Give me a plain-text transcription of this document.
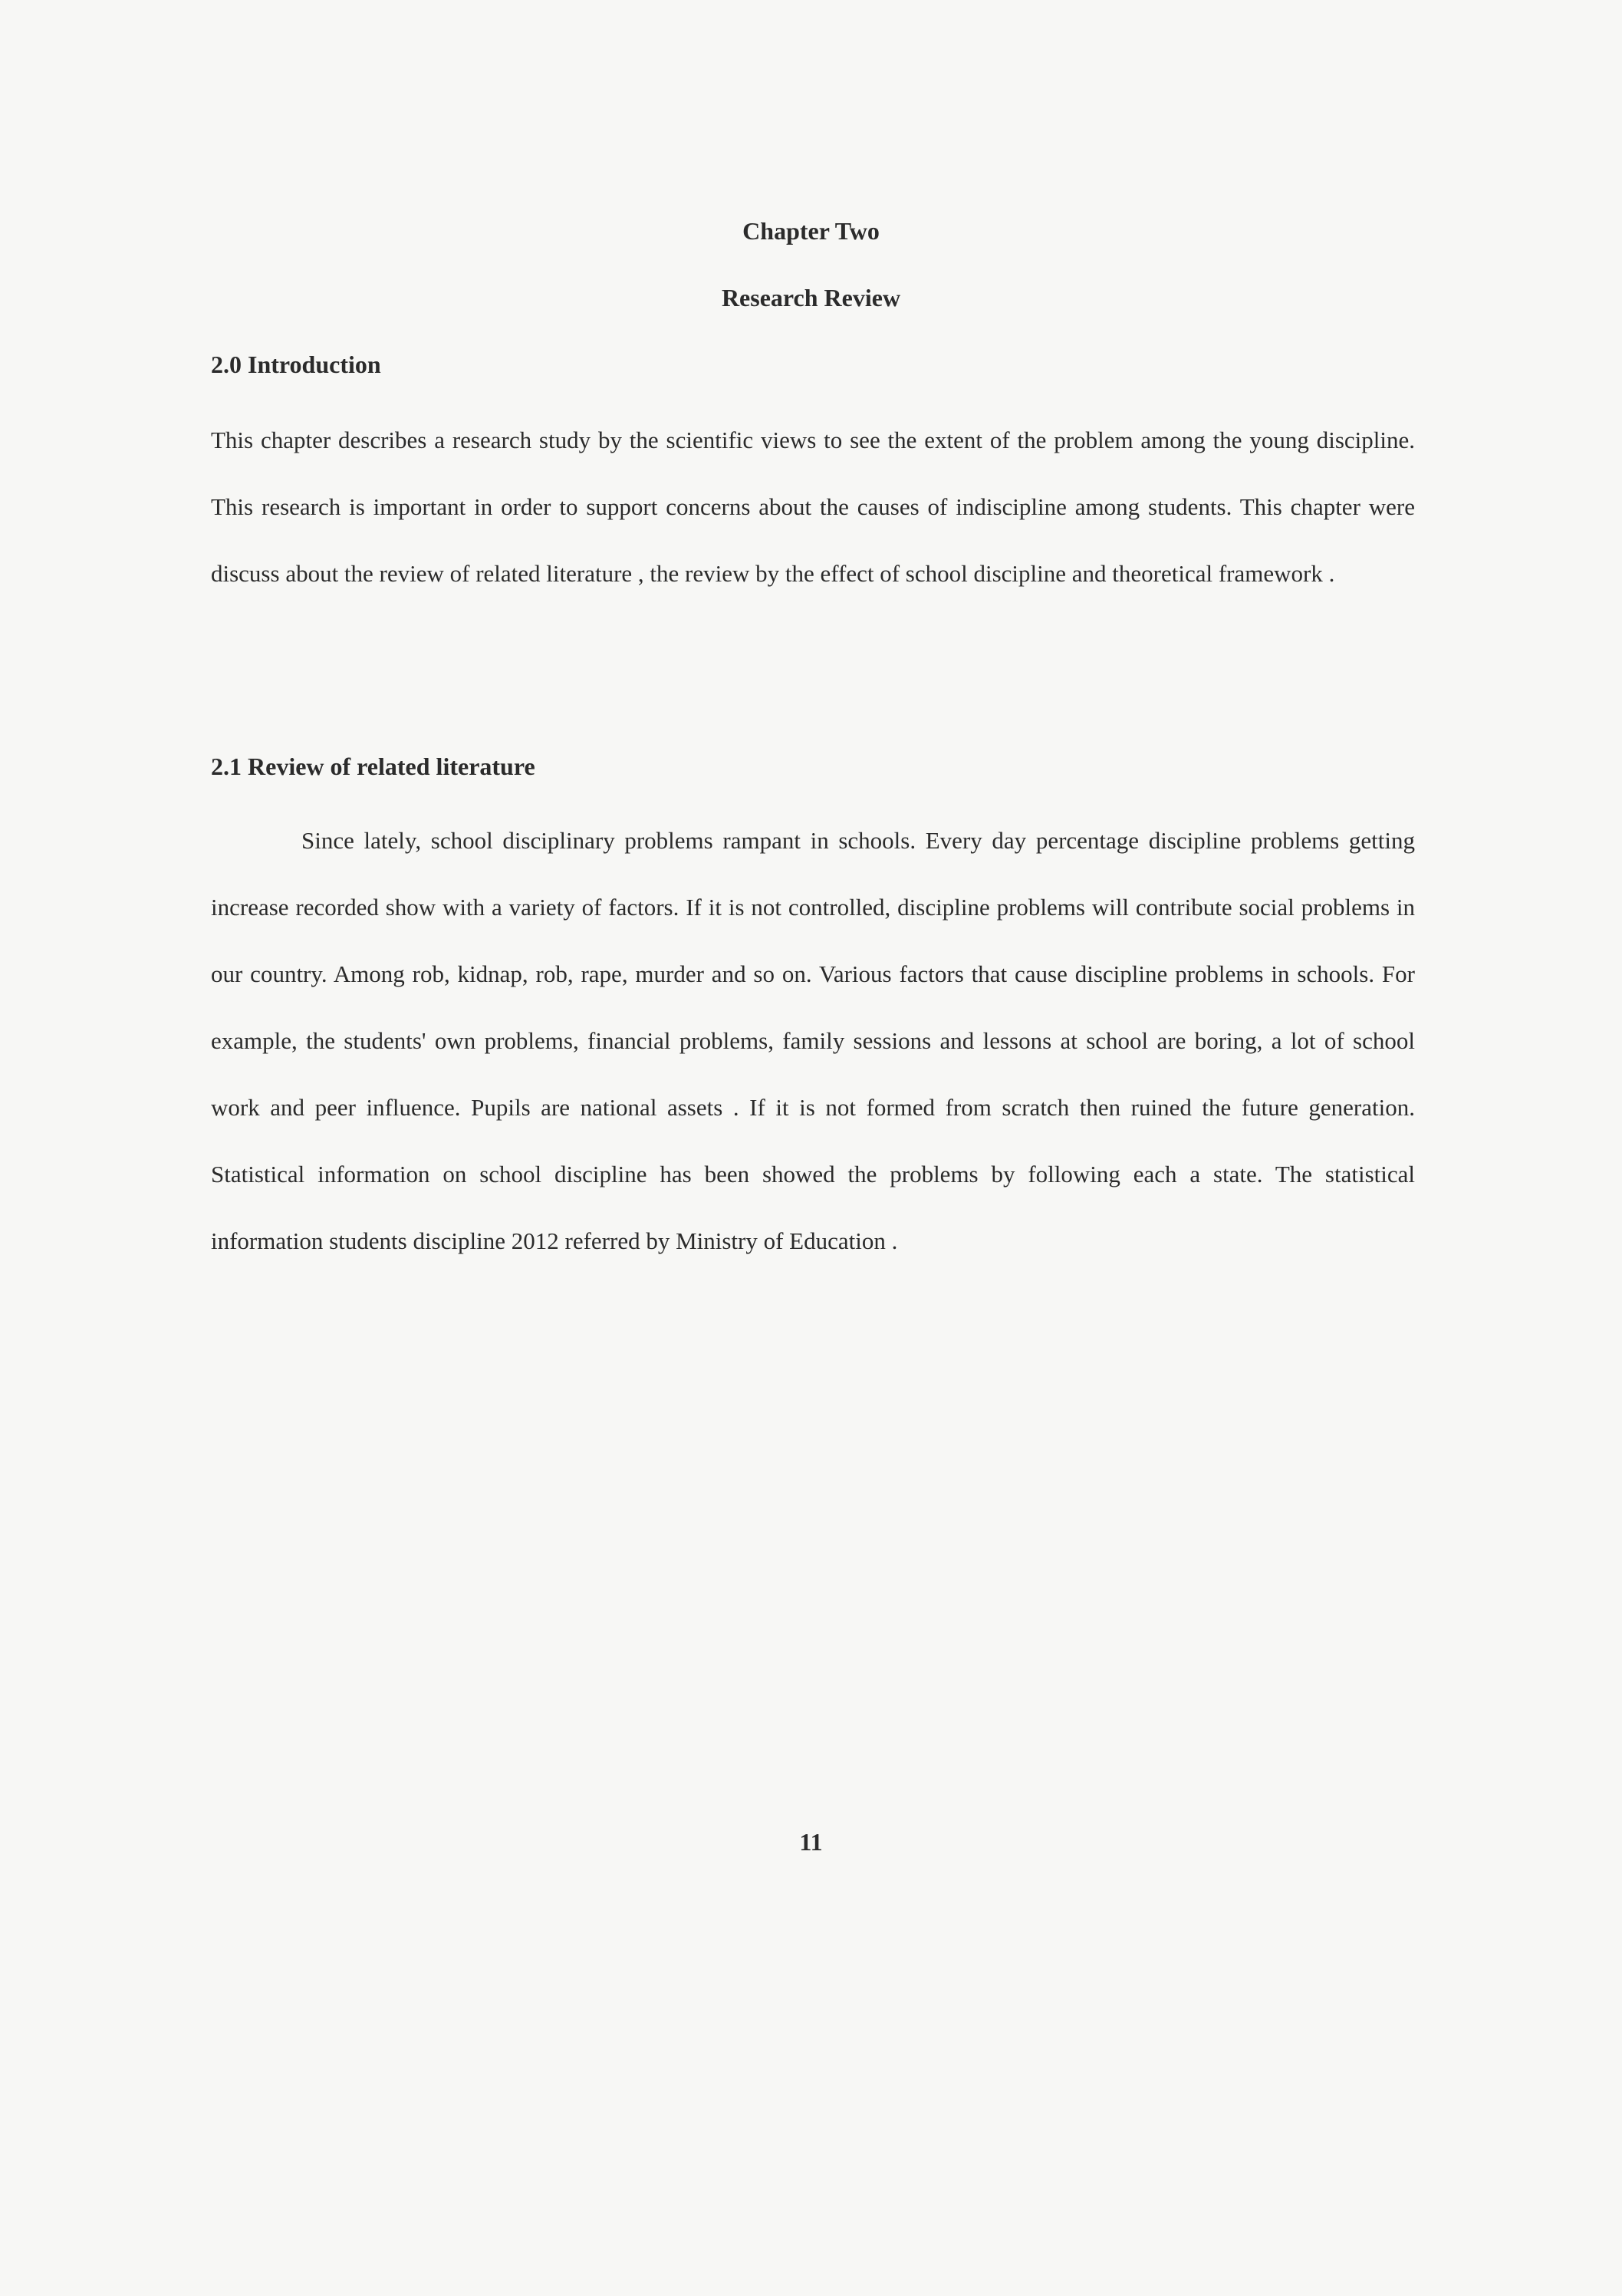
Chapter Two
Research Review
2.0 Introduction

This chapter describes a research study by the scientific views to see the extent of the problem among the young discipline. This research is important in order to support concerns about the causes of indiscipline among students. This chapter were discuss about the review of related literature , the review by the effect of school discipline and theoretical framework .

2.1 Review of related literature

Since lately, school disciplinary problems rampant in schools. Every day percentage discipline problems getting increase recorded show with a variety of factors. If it is not controlled, discipline problems will contribute social problems in our country. Among rob, kidnap, rob, rape, murder and so on. Various factors that cause discipline problems in schools. For example, the students' own problems, financial problems, family sessions and lessons at school are boring, a lot of school work and peer influence. Pupils are national assets . If it is not formed from scratch then ruined the future generation. Statistical information on school discipline has been showed the problems by following each a state. The statistical information students discipline 2012 referred by Ministry of Education .

11
